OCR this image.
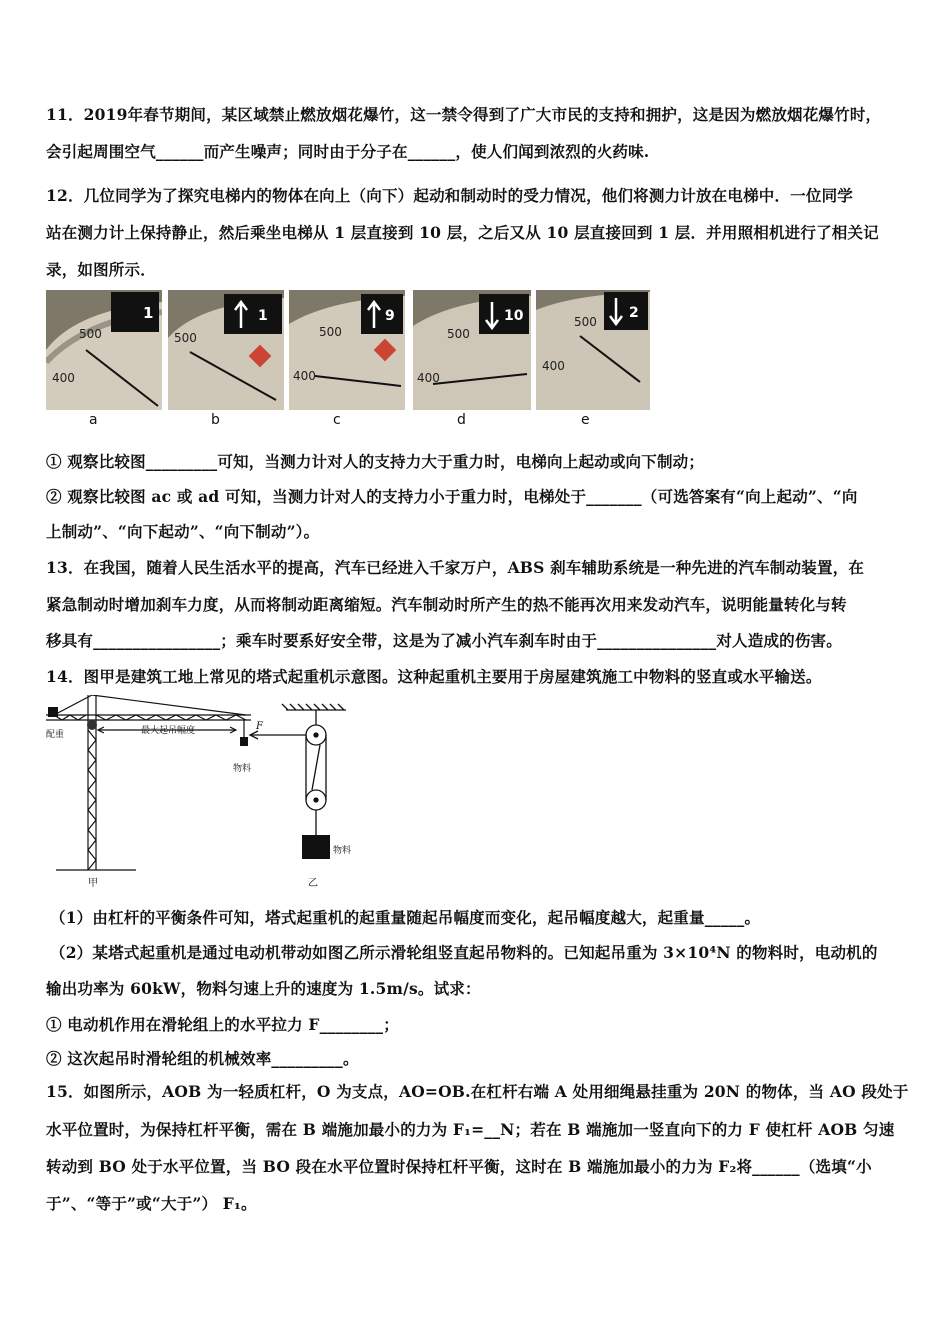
11．2019年春节期间，某区域禁止燃放烟花爆竹，这一禁令得到了广大市民的支持和拥护，这是因为燃放烟花爆竹时，
会引起周围空气______而产生噪声；同时由于分子在______，使人们闻到浓烈的火药味.
12．几位同学为了探究电梯内的物体在向上（向下）起动和制动时的受力情况，他们将测力计放在电梯中．一位同学
站在测力计上保持静止，然后乘坐电梯从 1 层直接到 10 层，之后又从 10 层直接回到 1 层．并用照相机进行了相关记
录，如图所示．
500
400
1
a
500
1
b
500
400
9
c
500
400
10
d
500
400
2
e
① 观察比较图_________可知，当测力计对人的支持力大于重力时，电梯向上起动或向下制动；
② 观察比较图 ac 或 ad 可知，当测力计对人的支持力小于重力时，电梯处于_______（可选答案有“向上起动”、“向
上制动”、“向下起动”、“向下制动”）。
13．在我国，随着人民生活水平的提高，汽车已经进入千家万户，ABS 刹车辅助系统是一种先进的汽车制动装置，在
紧急制动时增加刹车力度，从而将制动距离缩短。汽车制动时所产生的热不能再次用来发动汽车，说明能量转化与转
移具有________________；乘车时要系好安全带，这是为了减小汽车刹车时由于_______________对人造成的伤害。
14．图甲是建筑工地上常见的塔式起重机示意图。这种起重机主要用于房屋建筑施工中物料的竖直或水平输送。
配重	最大起吊幅度
物料
甲
F
物料
乙
（1）由杠杆的平衡条件可知，塔式起重机的起重量随起吊幅度而变化，起吊幅度越大，起重量_____。
（2）某塔式起重机是通过电动机带动如图乙所示滑轮组竖直起吊物料的。已知起吊重为 3×10⁴N 的物料时，电动机的
输出功率为 60kW，物料匀速上升的速度为 1.5m/s。试求：
① 电动机作用在滑轮组上的水平拉力 F________；
② 这次起吊时滑轮组的机械效率_________。
15．如图所示，AOB 为一轻质杠杆，O 为支点，AO=OB.在杠杆右端 A 处用细绳悬挂重为 20N 的物体，当 AO 段处于
水平位置时，为保持杠杆平衡，需在 B 端施加最小的力为 F₁=__N；若在 B 端施加一竖直向下的力 F 使杠杆 AOB 匀速
转动到 BO 处于水平位置，当 BO 段在水平位置时保持杠杆平衡，这时在 B 端施加最小的力为 F₂将______（选填“小
于”、“等于”或“大于”） F₁。
